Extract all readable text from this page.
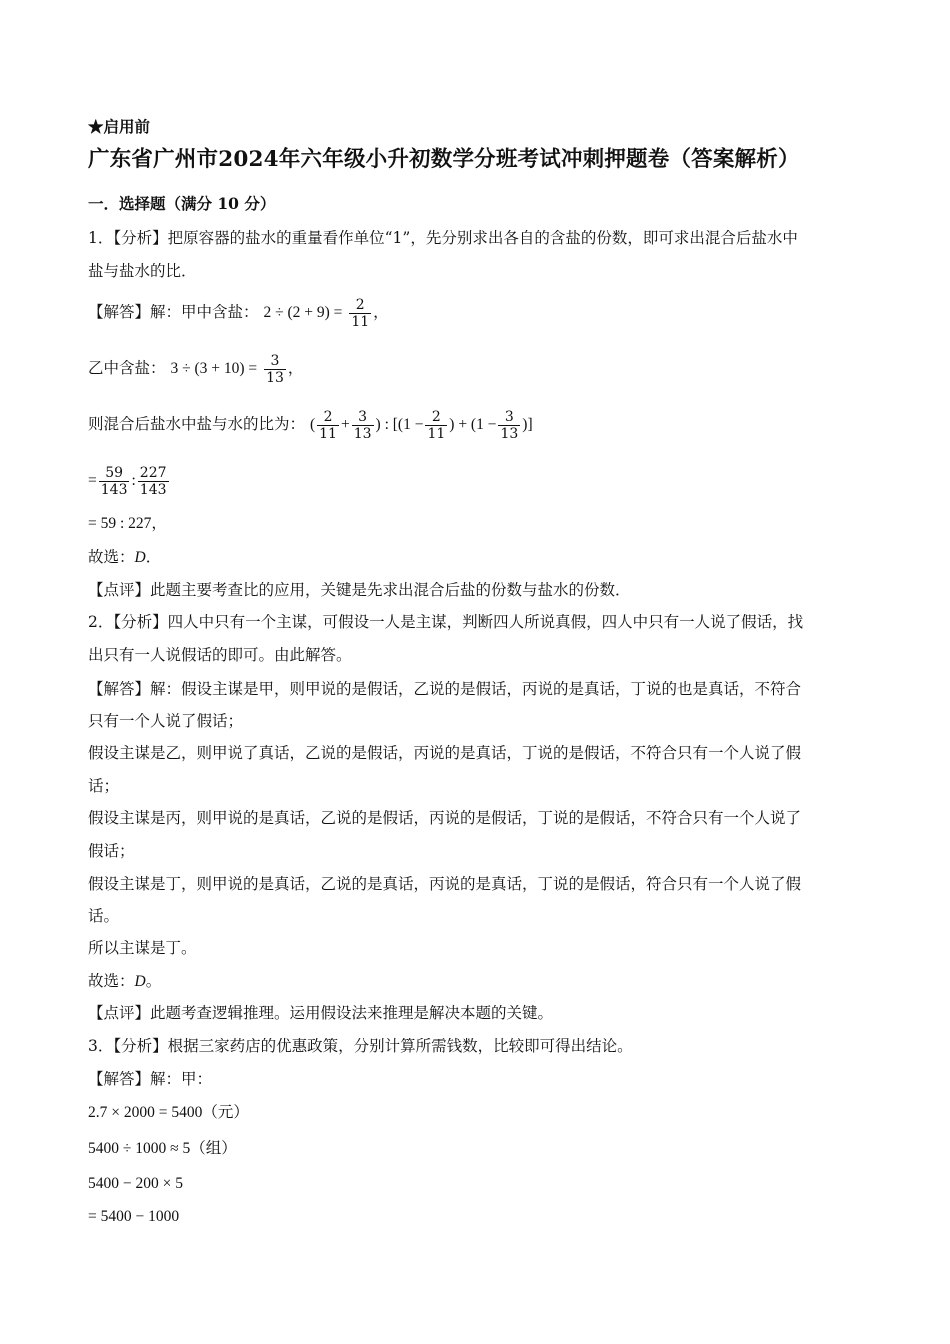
★启用前
广东省广州市2024年六年级小升初数学分班考试冲刺押题卷（答案解析）
一．选择题（满分 10 分）
1．【分析】把原容器的盐水的重量看作单位“1”，先分别求出各自的含盐的份数，即可求出混合后盐水中
盐与盐水的比．
【解答】解：甲中含盐： $2 \div (2 + 9) = \frac{2}{11}$ ，
乙中含盐： $3 \div (3 + 10) = \frac{3}{13}$ ，
则混合后盐水中盐与水的比为： ( $\frac{2}{11} + \frac{3}{13}$ ) : [($1 - \frac{2}{11}$ ) + ($1 - \frac{3}{13}$ )]
= $\frac{59}{143}$ : $\frac{227}{143}$
= 59 : 227，
故选：D．
【点评】此题主要考查比的应用，关键是先求出混合后盐的份数与盐水的份数．
2．【分析】四人中只有一个主谋，可假设一人是主谋，判断四人所说真假，四人中只有一人说了假话，找
出只有一人说假话的即可。由此解答。
【解答】解：假设主谋是甲，则甲说的是假话，乙说的是假话，丙说的是真话，丁说的也是真话，不符合
只有一个人说了假话；
假设主谋是乙，则甲说了真话，乙说的是假话，丙说的是真话，丁说的是假话，不符合只有一个人说了假
话；
假设主谋是丙，则甲说的是真话，乙说的是假话，丙说的是假话，丁说的是假话，不符合只有一个人说了
假话；
假设主谋是丁，则甲说的是真话，乙说的是真话，丙说的是真话，丁说的是假话，符合只有一个人说了假
话。
所以主谋是丁。
故选：D。
【点评】此题考查逻辑推理。运用假设法来推理是解决本题的关键。
3．【分析】根据三家药店的优惠政策，分别计算所需钱数，比较即可得出结论。
【解答】解：甲：
2.7 × 2000 = 5400（元）
5400 ÷ 1000 ≈ 5（组）
5400 − 200 × 5
= 5400 − 1000
